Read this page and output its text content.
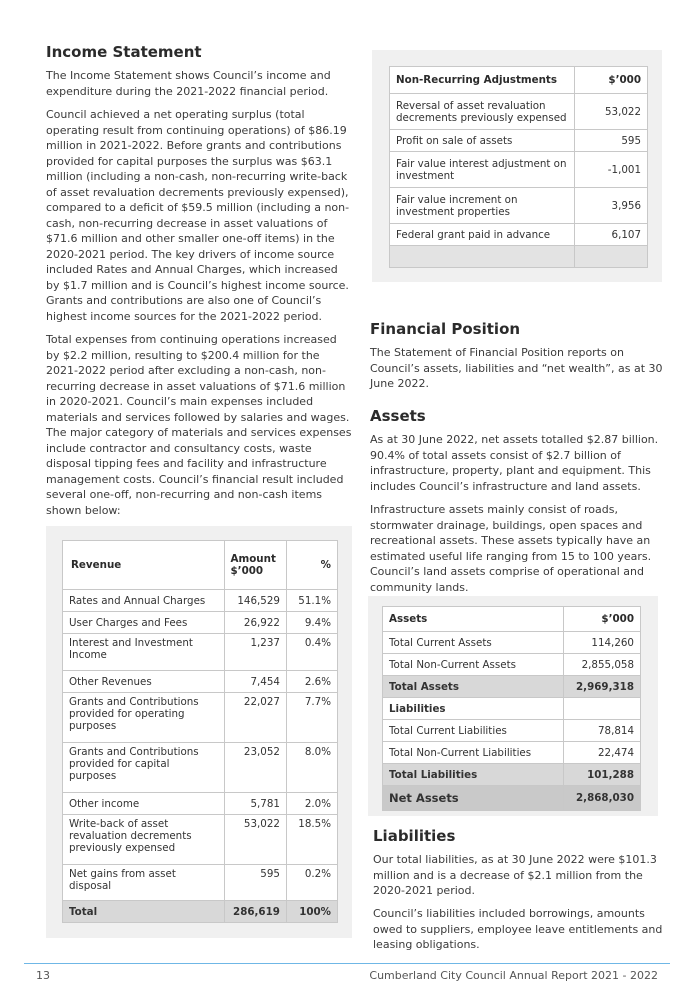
Income Statement

The Income Statement shows Council’s income and expenditure during the 2021-2022 financial period.

Council achieved a net operating surplus (total operating result from continuing operations) of $86.19 million in 2021-2022. Before grants and contributions provided for capital purposes the surplus was $63.1 million (including a non-cash, non-recurring write-back of asset revaluation decrements previously expensed), compared to a deficit of $59.5 million (including a non-cash, non-recurring decrease in asset valuations of $71.6 million and other smaller one-off items) in the 2020-2021 period. The key drivers of income source included Rates and Annual Charges, which increased by $1.7 million and is Council’s highest income source. Grants and contributions are also one of Council’s highest income sources for the 2021-2022 period.

Total expenses from continuing operations increased by $2.2 million, resulting to $200.4 million for the 2021-2022 period after excluding a non-cash, non-recurring decrease in asset valuations of $71.6 million in 2020-2021. Council’s main expenses included materials and services followed by salaries and wages. The major category of materials and services expenses include contractor and consultancy costs, waste disposal tipping fees and facility and infrastructure management costs. Council’s financial result included several one-off, non-recurring and non-cash items shown below:

Revenue	Amount $’000	%
Rates and Annual Charges	146,529	51.1%
User Charges and Fees	26,922	9.4%
Interest and Investment Income	1,237	0.4%
Other Revenues	7,454	2.6%
Grants and Contributions provided for operating purposes	22,027	7.7%
Grants and Contributions provided for capital purposes	23,052	8.0%
Other income	5,781	2.0%
Write-back of asset revaluation decrements previously expensed	53,022	18.5%
Net gains from asset disposal	595	0.2%
Total	286,619	100%
Non-Recurring Adjustments	$’000
Reversal of asset revaluation decrements previously expensed	53,022
Profit on sale of assets	595
Fair value interest adjustment on investment	-1,001
Fair value increment on investment properties	3,956
Federal grant paid in advance	6,107

Financial Position

The Statement of Financial Position reports on Council’s assets, liabilities and “net wealth”, as at 30 June 2022.

Assets

As at 30 June 2022, net assets totalled $2.87 billion. 90.4% of total assets consist of $2.7 billion of infrastructure, property, plant and equipment. This includes Council’s infrastructure and land assets.

Infrastructure assets mainly consist of roads, stormwater drainage, buildings, open spaces and recreational assets. These assets typically have an estimated useful life ranging from 15 to 100 years. Council’s land assets comprise of operational and community lands.

Assets	$’000
Total Current Assets	114,260
Total Non-Current Assets	2,855,058
Total Assets	2,969,318
Liabilities	
Total Current Liabilities	78,814
Total Non-Current Liabilities	22,474
Total Liabilities	101,288
Net Assets	2,868,030
Liabilities

Our total liabilities, as at 30 June 2022 were $101.3 million and is a decrease of $2.1 million from the 2020-2021 period.

Council’s liabilities included borrowings, amounts owed to suppliers, employee leave entitlements and leasing obligations.

13	Cumberland City Council Annual Report 2021 - 2022
